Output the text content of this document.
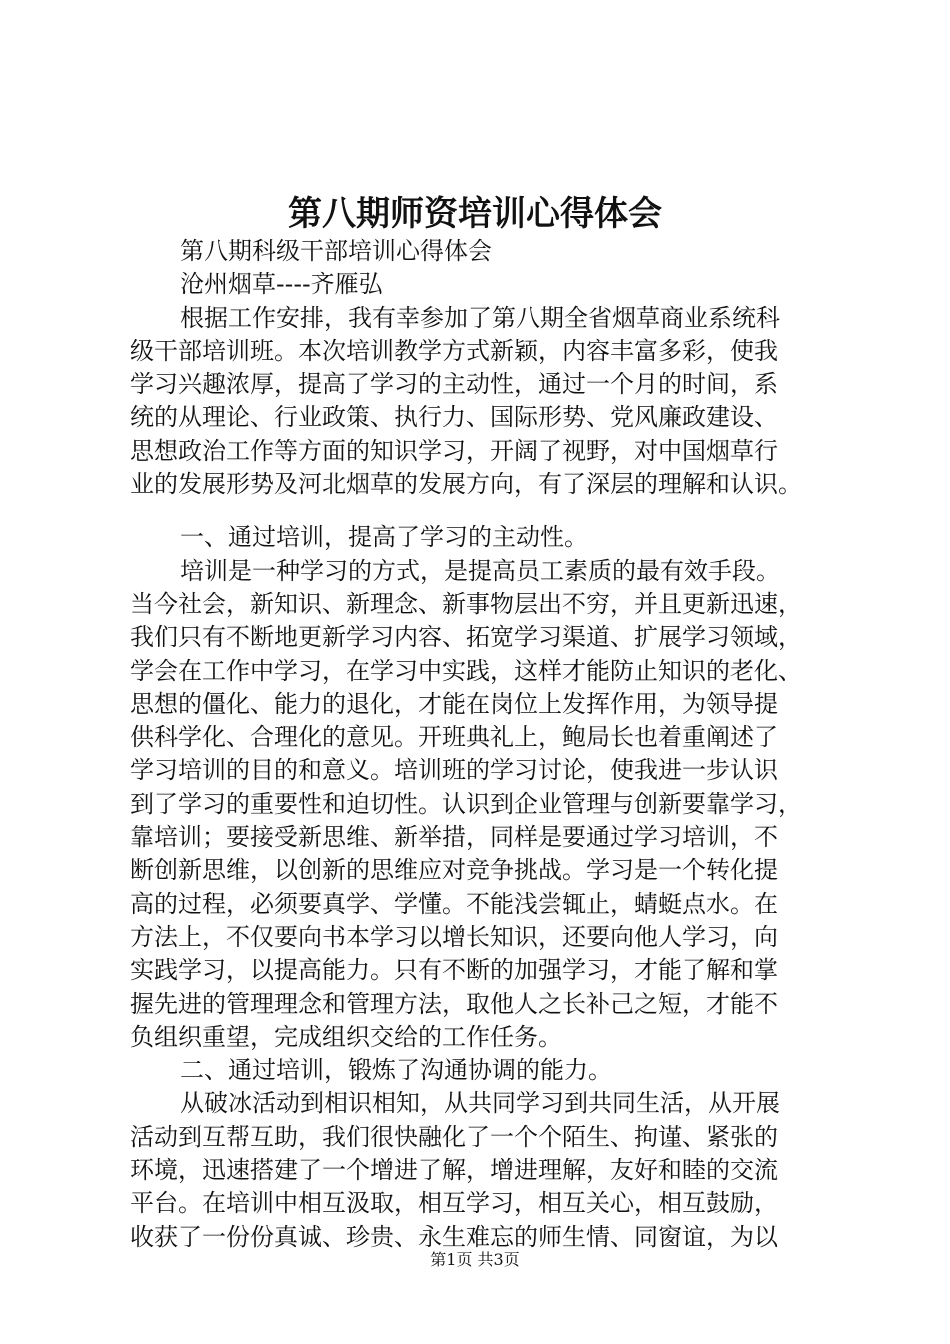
第八期师资培训心得体会
第八期科级干部培训心得体会
沧州烟草----齐雁弘
根据工作安排，我有幸参加了第八期全省烟草商业系统科
级干部培训班。本次培训教学方式新颖，内容丰富多彩，使我
学习兴趣浓厚，提高了学习的主动性，通过一个月的时间，系
统的从理论、行业政策、执行力、国际形势、党风廉政建设、
思想政治工作等方面的知识学习，开阔了视野，对中国烟草行
业的发展形势及河北烟草的发展方向，有了深层的理解和认识。
一、通过培训，提高了学习的主动性。
培训是一种学习的方式，是提高员工素质的最有效手段。
当今社会，新知识、新理念、新事物层出不穷，并且更新迅速，
我们只有不断地更新学习内容、拓宽学习渠道、扩展学习领域，
学会在工作中学习，在学习中实践，这样才能防止知识的老化、
思想的僵化、能力的退化，才能在岗位上发挥作用，为领导提
供科学化、合理化的意见。开班典礼上，鲍局长也着重阐述了
学习培训的目的和意义。培训班的学习讨论，使我进一步认识
到了学习的重要性和迫切性。认识到企业管理与创新要靠学习，
靠培训；要接受新思维、新举措，同样是要通过学习培训，不
断创新思维，以创新的思维应对竞争挑战。学习是一个转化提
高的过程，必须要真学、学懂。不能浅尝辄止，蜻蜓点水。在
方法上，不仅要向书本学习以增长知识，还要向他人学习，向
实践学习，以提高能力。只有不断的加强学习，才能了解和掌
握先进的管理理念和管理方法，取他人之长补己之短，才能不
负组织重望，完成组织交给的工作任务。
二、通过培训，锻炼了沟通协调的能力。
从破冰活动到相识相知，从共同学习到共同生活，从开展
活动到互帮互助，我们很快融化了一个个陌生、拘谨、紧张的
环境，迅速搭建了一个增进了解，增进理解，友好和睦的交流
平台。在培训中相互汲取，相互学习，相互关心，相互鼓励，
收获了一份份真诚、珍贵、永生难忘的师生情、同窗谊，为以
第1页 共3页
